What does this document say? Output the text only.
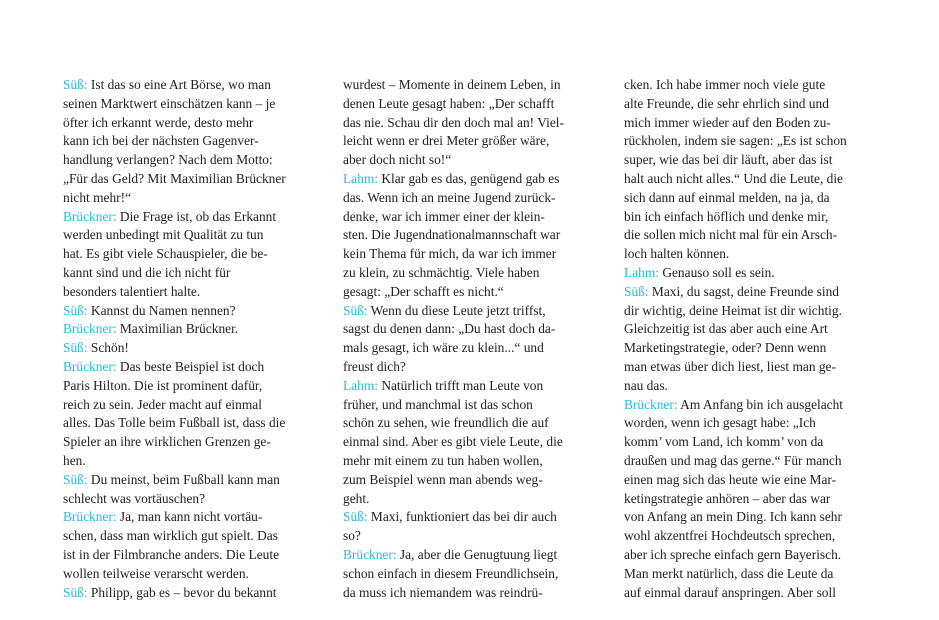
Süß: Ist das so eine Art Börse, wo man
seinen Marktwert einschätzen kann – je
öfter ich erkannt werde, desto mehr
kann ich bei der nächsten Gagenver-
handlung verlangen? Nach dem Motto:
„Für das Geld? Mit Maximilian Brückner
nicht mehr!“
Brückner: Die Frage ist, ob das Erkannt
werden unbedingt mit Qualität zu tun
hat. Es gibt viele Schauspieler, die be-
kannt sind und die ich nicht für
besonders talentiert halte.
Süß: Kannst du Namen nennen?
Brückner: Maximilian Brückner.
Süß: Schön!
Brückner: Das beste Beispiel ist doch
Paris Hilton. Die ist prominent dafür,
reich zu sein. Jeder macht auf einmal
alles. Das Tolle beim Fußball ist, dass die
Spieler an ihre wirklichen Grenzen ge-
hen.
Süß: Du meinst, beim Fußball kann man
schlecht was vortäuschen?
Brückner: Ja, man kann nicht vortäu-
schen, dass man wirklich gut spielt. Das
ist in der Filmbranche anders. Die Leute
wollen teilweise verarscht werden.
Süß: Philipp, gab es – bevor du bekannt
wurdest – Momente in deinem Leben, in
denen Leute gesagt haben: „Der schafft
das nie. Schau dir den doch mal an! Viel-
leicht wenn er drei Meter größer wäre,
aber doch nicht so!“
Lahm: Klar gab es das, genügend gab es
das. Wenn ich an meine Jugend zurück-
denke, war ich immer einer der klein-
sten. Die Jugendnationalmannschaft war
kein Thema für mich, da war ich immer
zu klein, zu schmächtig. Viele haben
gesagt: „Der schafft es nicht.“
Süß: Wenn du diese Leute jetzt triffst,
sagst du denen dann: „Du hast doch da-
mals gesagt, ich wäre zu klein...“ und
freust dich?
Lahm: Natürlich trifft man Leute von
früher, und manchmal ist das schon
schön zu sehen, wie freundlich die auf
einmal sind. Aber es gibt viele Leute, die
mehr mit einem zu tun haben wollen,
zum Beispiel wenn man abends weg-
geht.
Süß: Maxi, funktioniert das bei dir auch
so?
Brückner: Ja, aber die Genugtuung liegt
schon einfach in diesem Freundlichsein,
da muss ich niemandem was reindrü-
cken. Ich habe immer noch viele gute
alte Freunde, die sehr ehrlich sind und
mich immer wieder auf den Boden zu-
rückholen, indem sie sagen: „Es ist schon
super, wie das bei dir läuft, aber das ist
halt auch nicht alles.“ Und die Leute, die
sich dann auf einmal melden, na ja, da
bin ich einfach höflich und denke mir,
die sollen mich nicht mal für ein Arsch-
loch halten können.
Lahm: Genauso soll es sein.
Süß: Maxi, du sagst, deine Freunde sind
dir wichtig, deine Heimat ist dir wichtig.
Gleichzeitig ist das aber auch eine Art
Marketingstrategie, oder? Denn wenn
man etwas über dich liest, liest man ge-
nau das.
Brückner: Am Anfang bin ich ausgelacht
worden, wenn ich gesagt habe: „Ich
komm’ vom Land, ich komm’ von da
draußen und mag das gerne.“ Für manch
einen mag sich das heute wie eine Mar-
ketingstrategie anhören – aber das war
von Anfang an mein Ding. Ich kann sehr
wohl akzentfrei Hochdeutsch sprechen,
aber ich spreche einfach gern Bayerisch.
Man merkt natürlich, dass die Leute da
auf einmal darauf anspringen. Aber soll
